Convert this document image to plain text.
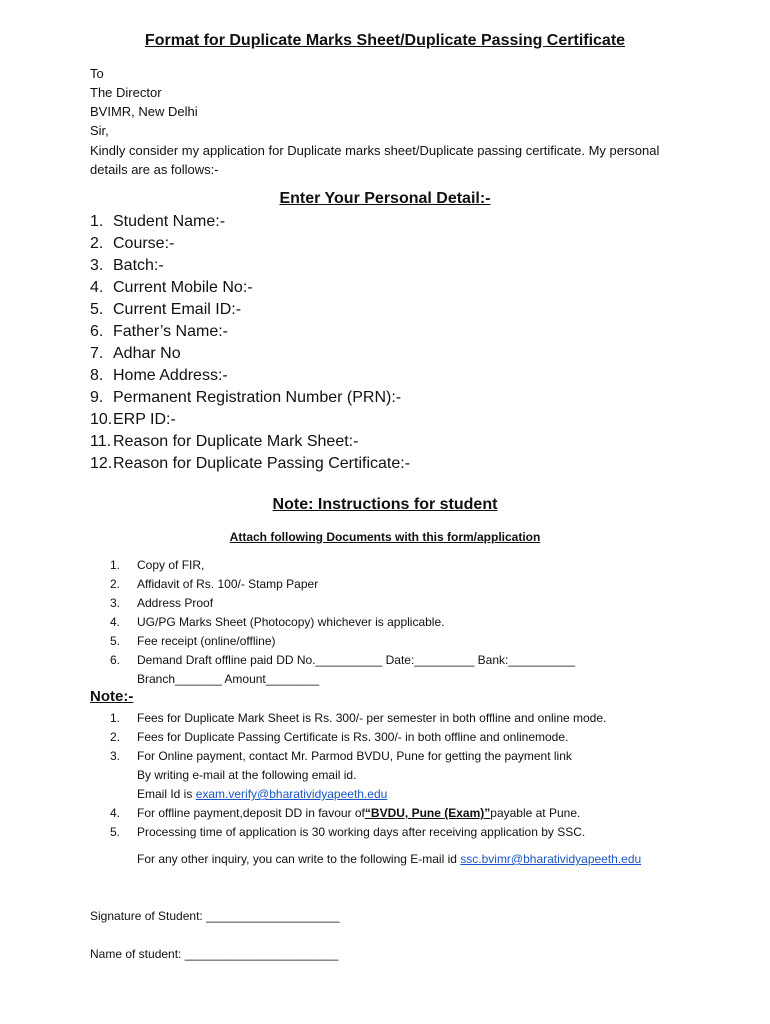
Format for Duplicate Marks Sheet/Duplicate Passing Certificate
To
The Director
BVIMR, New Delhi
Sir,
Kindly consider my application for Duplicate marks sheet/Duplicate passing certificate. My personal details are as follows:-
Enter Your Personal Detail:-
1. Student Name:-
2. Course:-
3. Batch:-
4. Current Mobile No:-
5. Current Email ID:-
6. Father’s Name:-
7. Adhar No
8. Home Address:-
9. Permanent Registration Number (PRN):-
10.ERP ID:-
11. Reason for Duplicate Mark Sheet:-
12.Reason for Duplicate Passing Certificate:-
Note: Instructions for student
Attach following Documents with this form/application
1. Copy of FIR,
2. Affidavit of Rs. 100/- Stamp Paper
3. Address Proof
4. UG/PG Marks Sheet (Photocopy) whichever is applicable.
5. Fee receipt (online/offline)
6. Demand Draft offline paid DD No.__________ Date:_________ Bank:__________
Branch_______ Amount________
Note:-
1. Fees for Duplicate Mark Sheet is Rs. 300/- per semester in both offline and online mode.
2. Fees for Duplicate Passing Certificate is Rs. 300/- in both offline and onlinemode.
3. For Online payment, contact Mr. Parmod BVDU, Pune for getting the payment link
By writing e-mail at the following email id.
Email Id is exam.verify@bharatividyapeeth.edu
4. For offline payment,deposit DD in favour of“BVDU, Pune (Exam)”payable at Pune.
5. Processing time of application is 30 working days after receiving application by SSC.
For any other inquiry, you can write to the following E-mail id ssc.bvimr@bharatividyapeeth.edu
Signature of Student: ____________________
Name of student: _______________________
